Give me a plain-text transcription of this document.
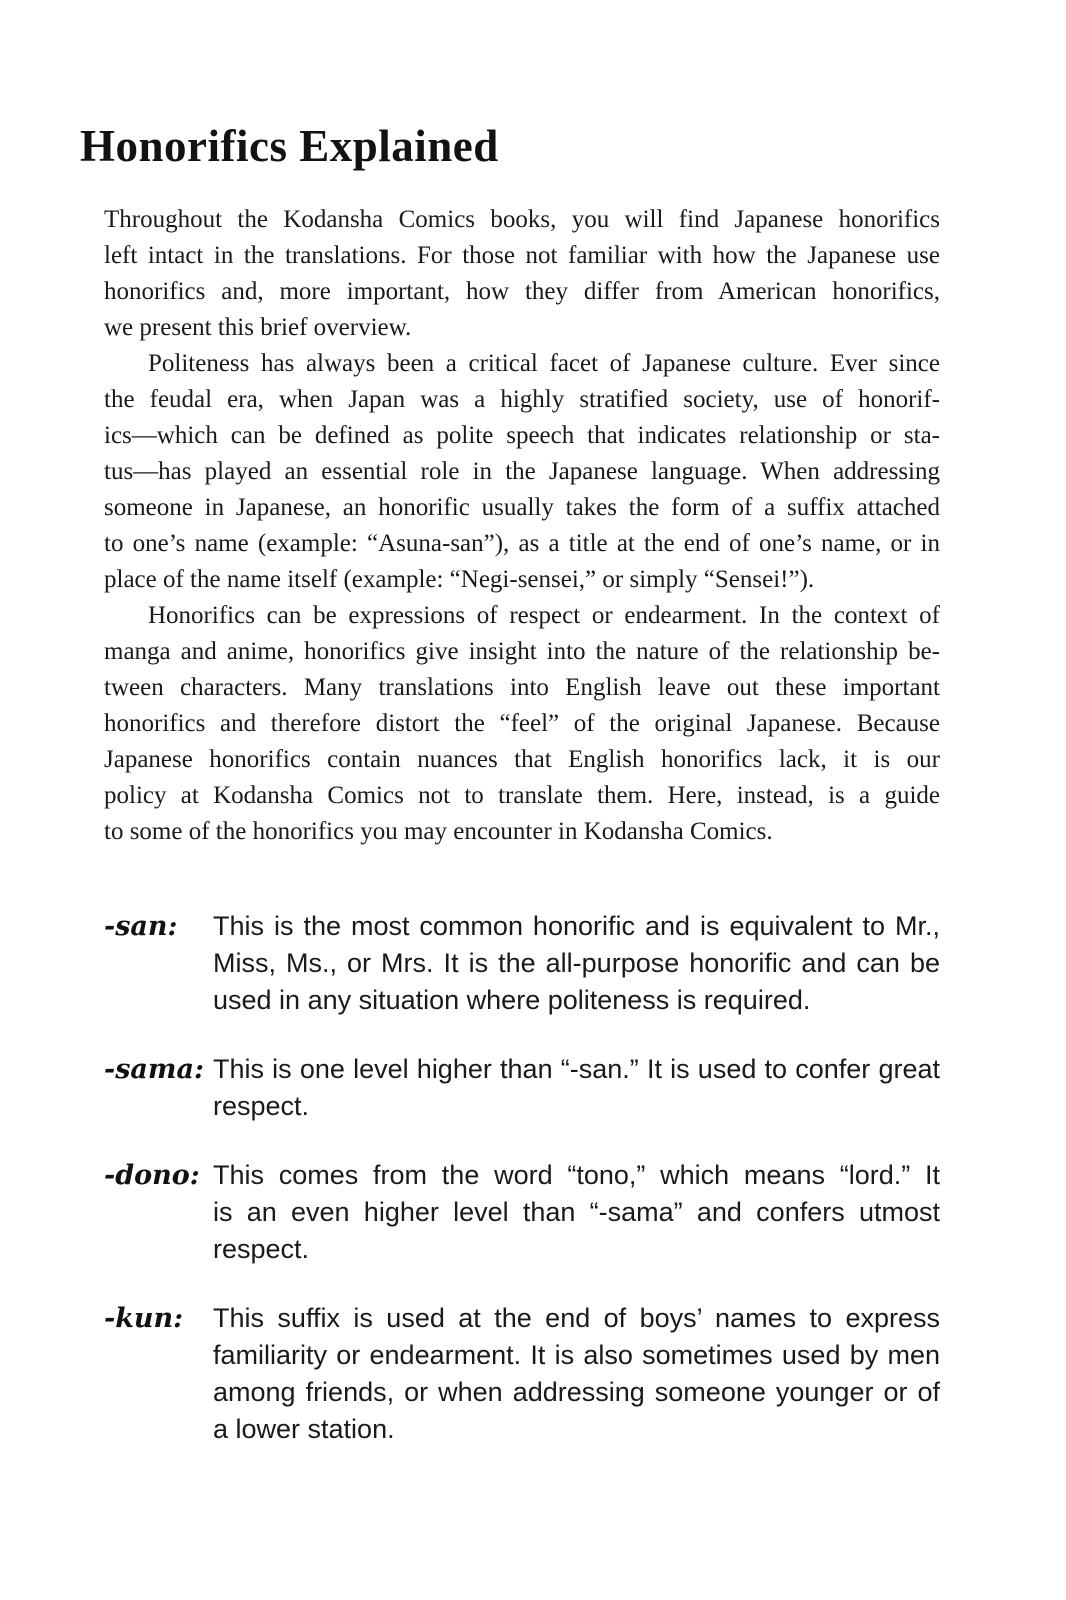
Honorifics Explained
Throughout the Kodansha Comics books, you will find Japanese honorifics
left intact in the translations. For those not familiar with how the Japanese use
honorifics and, more important, how they differ from American honorifics,
we present this brief overview.
Politeness has always been a critical facet of Japanese culture. Ever since
the feudal era, when Japan was a highly stratified society, use of honorif-
ics—which can be defined as polite speech that indicates relationship or sta-
tus—has played an essential role in the Japanese language. When addressing
someone in Japanese, an honorific usually takes the form of a suffix attached
to one’s name (example: “Asuna-san”), as a title at the end of one’s name, or in
place of the name itself (example: “Negi-sensei,” or simply “Sensei!”).
Honorifics can be expressions of respect or endearment. In the context of
manga and anime, honorifics give insight into the nature of the relationship be-
tween characters. Many translations into English leave out these important
honorifics and therefore distort the “feel” of the original Japanese. Because
Japanese honorifics contain nuances that English honorifics lack, it is our
policy at Kodansha Comics not to translate them. Here, instead, is a guide
to some of the honorifics you may encounter in Kodansha Comics.
-san:	This is the most common honorific and is equivalent to Mr.,
Miss, Ms., or Mrs. It is the all-purpose honorific and can be
used in any situation where politeness is required.
-sama: This is one level higher than “-san.” It is used to confer great
respect.
-dono: This comes from the word “tono,” which means “lord.” It
is an even higher level than “-sama” and confers utmost
respect.
-kun:	This suffix is used at the end of boys’ names to express
familiarity or endearment. It is also sometimes used by men
among friends, or when addressing someone younger or of
a lower station.
